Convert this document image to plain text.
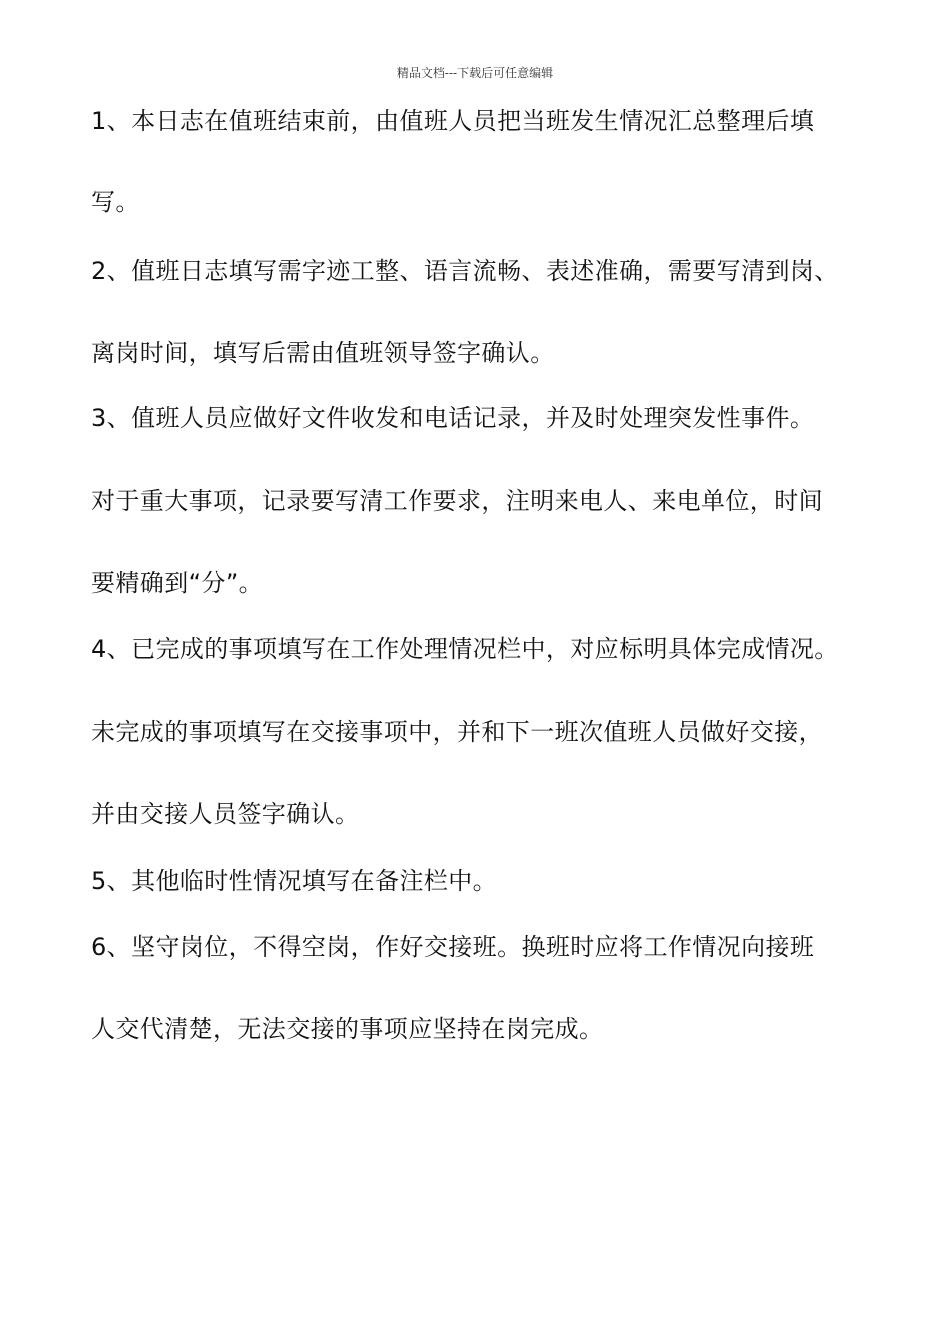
精品文档---下载后可任意编辑
1、本日志在值班结束前，由值班人员把当班发生情况汇总整理后填
写。
2、值班日志填写需字迹工整、语言流畅、表述准确，需要写清到岗、
离岗时间，填写后需由值班领导签字确认。
3、值班人员应做好文件收发和电话记录，并及时处理突发性事件。
对于重大事项，记录要写清工作要求，注明来电人、来电单位，时间
要精确到“分”。
4、已完成的事项填写在工作处理情况栏中，对应标明具体完成情况。
未完成的事项填写在交接事项中，并和下一班次值班人员做好交接，
并由交接人员签字确认。
5、其他临时性情况填写在备注栏中。
6、坚守岗位，不得空岗，作好交接班。换班时应将工作情况向接班
人交代清楚，无法交接的事项应坚持在岗完成。
